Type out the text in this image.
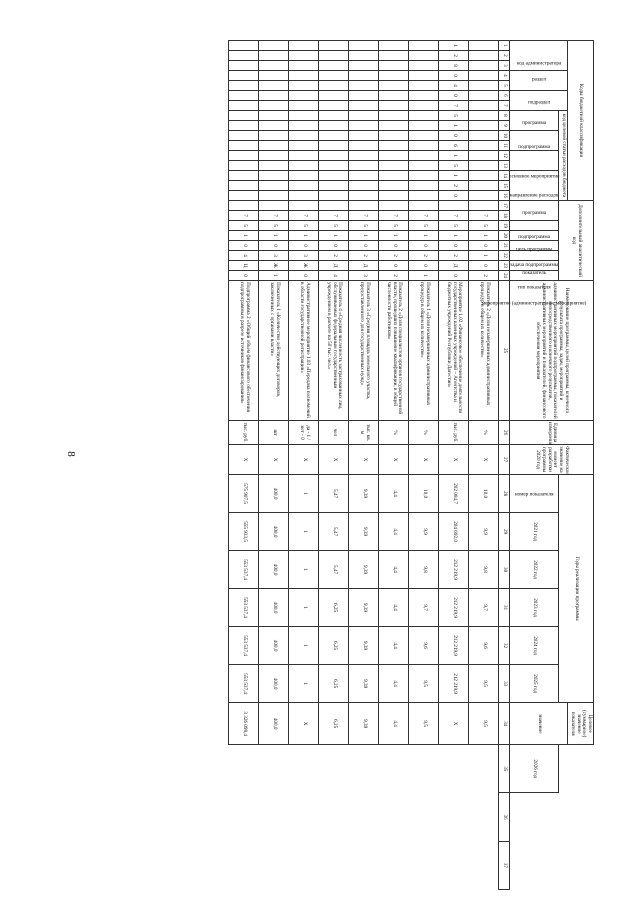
8
Коды бюджетной классификации																Дополнительный аналитический код								Наименование программы, целей программы, конечного результата программы, задач, мероприятий и административных мероприятий подпрограммы, показателей непосредственного и конечного результатов, административных мероприятий и показателей, финансового обеспечения мероприятия	Единица измерения	Фактическое значение на момент разработки программы 2020 год	Годы реализации программы						Целевое (суммарное) значение показателя			
код администратора			раздел		подраздел		код целевой статьи расходов бюджета																										значение			
							программа		подпрограмма		основное мероприятие		направление расходов			программа		подпрограмма	цель программы	задача подпрограммы	мероприятие (административное мероприятие)	показатель	тип показателя				номер показателя	2021 год	2022 год	2023 год	2024 год	2025 год		2026 год		
1	2	3	4	5	6	7	8	9	10	11	12	13	14	15	16	17	18	19	20	21	22	23	24	25	26	27	28	29	30	31	32	33	34	35	36	37
																	7	5	1	0	1	0	2	Показатель 2 «Доля незавершенных административных процедур в общем их количестве»	%	X	10,0	9,9	9,8	9,7	9,6	9,5	9,5			
1	2	8	0	4	0	7	5	1	0	6	1	5	1	2	0		7	5	1	0	2	Д	0	Мероприятие 1.02 «Финансовое обеспечение деятельности государственных казенных учреждений – Агентства и бюджетных учреждений Республики Дагестан»	тыс. руб.	X	202 084,7	204 692,0	212 219,9	212 219,9	212 219,9	212 219,9	X			
																	7	5	1	0	2	0	1	Показатель 1 «Доля незавершенных административных процедур в общем их количестве»	%	X	10,0	9,9	9,8	9,7	9,6	9,5	9,5			
																	7	5	1	0	2	0	2	Показатель 2 «Доля специалистов органов государственной власти, прошедших повышение квалификации, в общей численности работников»	%	X	4,4	4,4	4,4	4,4	4,4	4,4	4,4			
																	7	5	1	0	2	Д	3	Показатель 3 «Средняя площадь земельного участка, предоставленного для государственных нужд»	тыс. кв. м	X	9,39	9,39	9,39	9,39	9,39	9,39	9,39			
																	7	5	1	0	2	Д	4	Показатель 4 «Средняя численность застрахованных лиц, обслуживаемых федеральным государственным учреждением в расчете на 50 тыс. чел.»	чел	X	5,47	5,47	5,47	6,25	6,25	6,25	6,25			
																	7	5	1	0	3	Ж	0	Административное мероприятие 1.03 «Передача полномочий в области государственной регистрации»	да - 1 / нет - 0	X	1	1	1	1	1	1	X			
																	7	5	1	0	3	Ж	1	Показатель 1 «Количество действующих договоров, заключенных с органами власти»	шт	X	400,0	400,0	400,0	400,0	400,0	400,0	400,0			
																	7	5	1	0	4	Ц	0	Подпрограмма 2 «Общий объем финансового обеспечения подпрограммы в разрезе источников финансирования»	тыс. руб.	X	575 907,5	555 933,5	553 537,4	553 537,4	553 537,4	553 537,4	3 326 098,4			
